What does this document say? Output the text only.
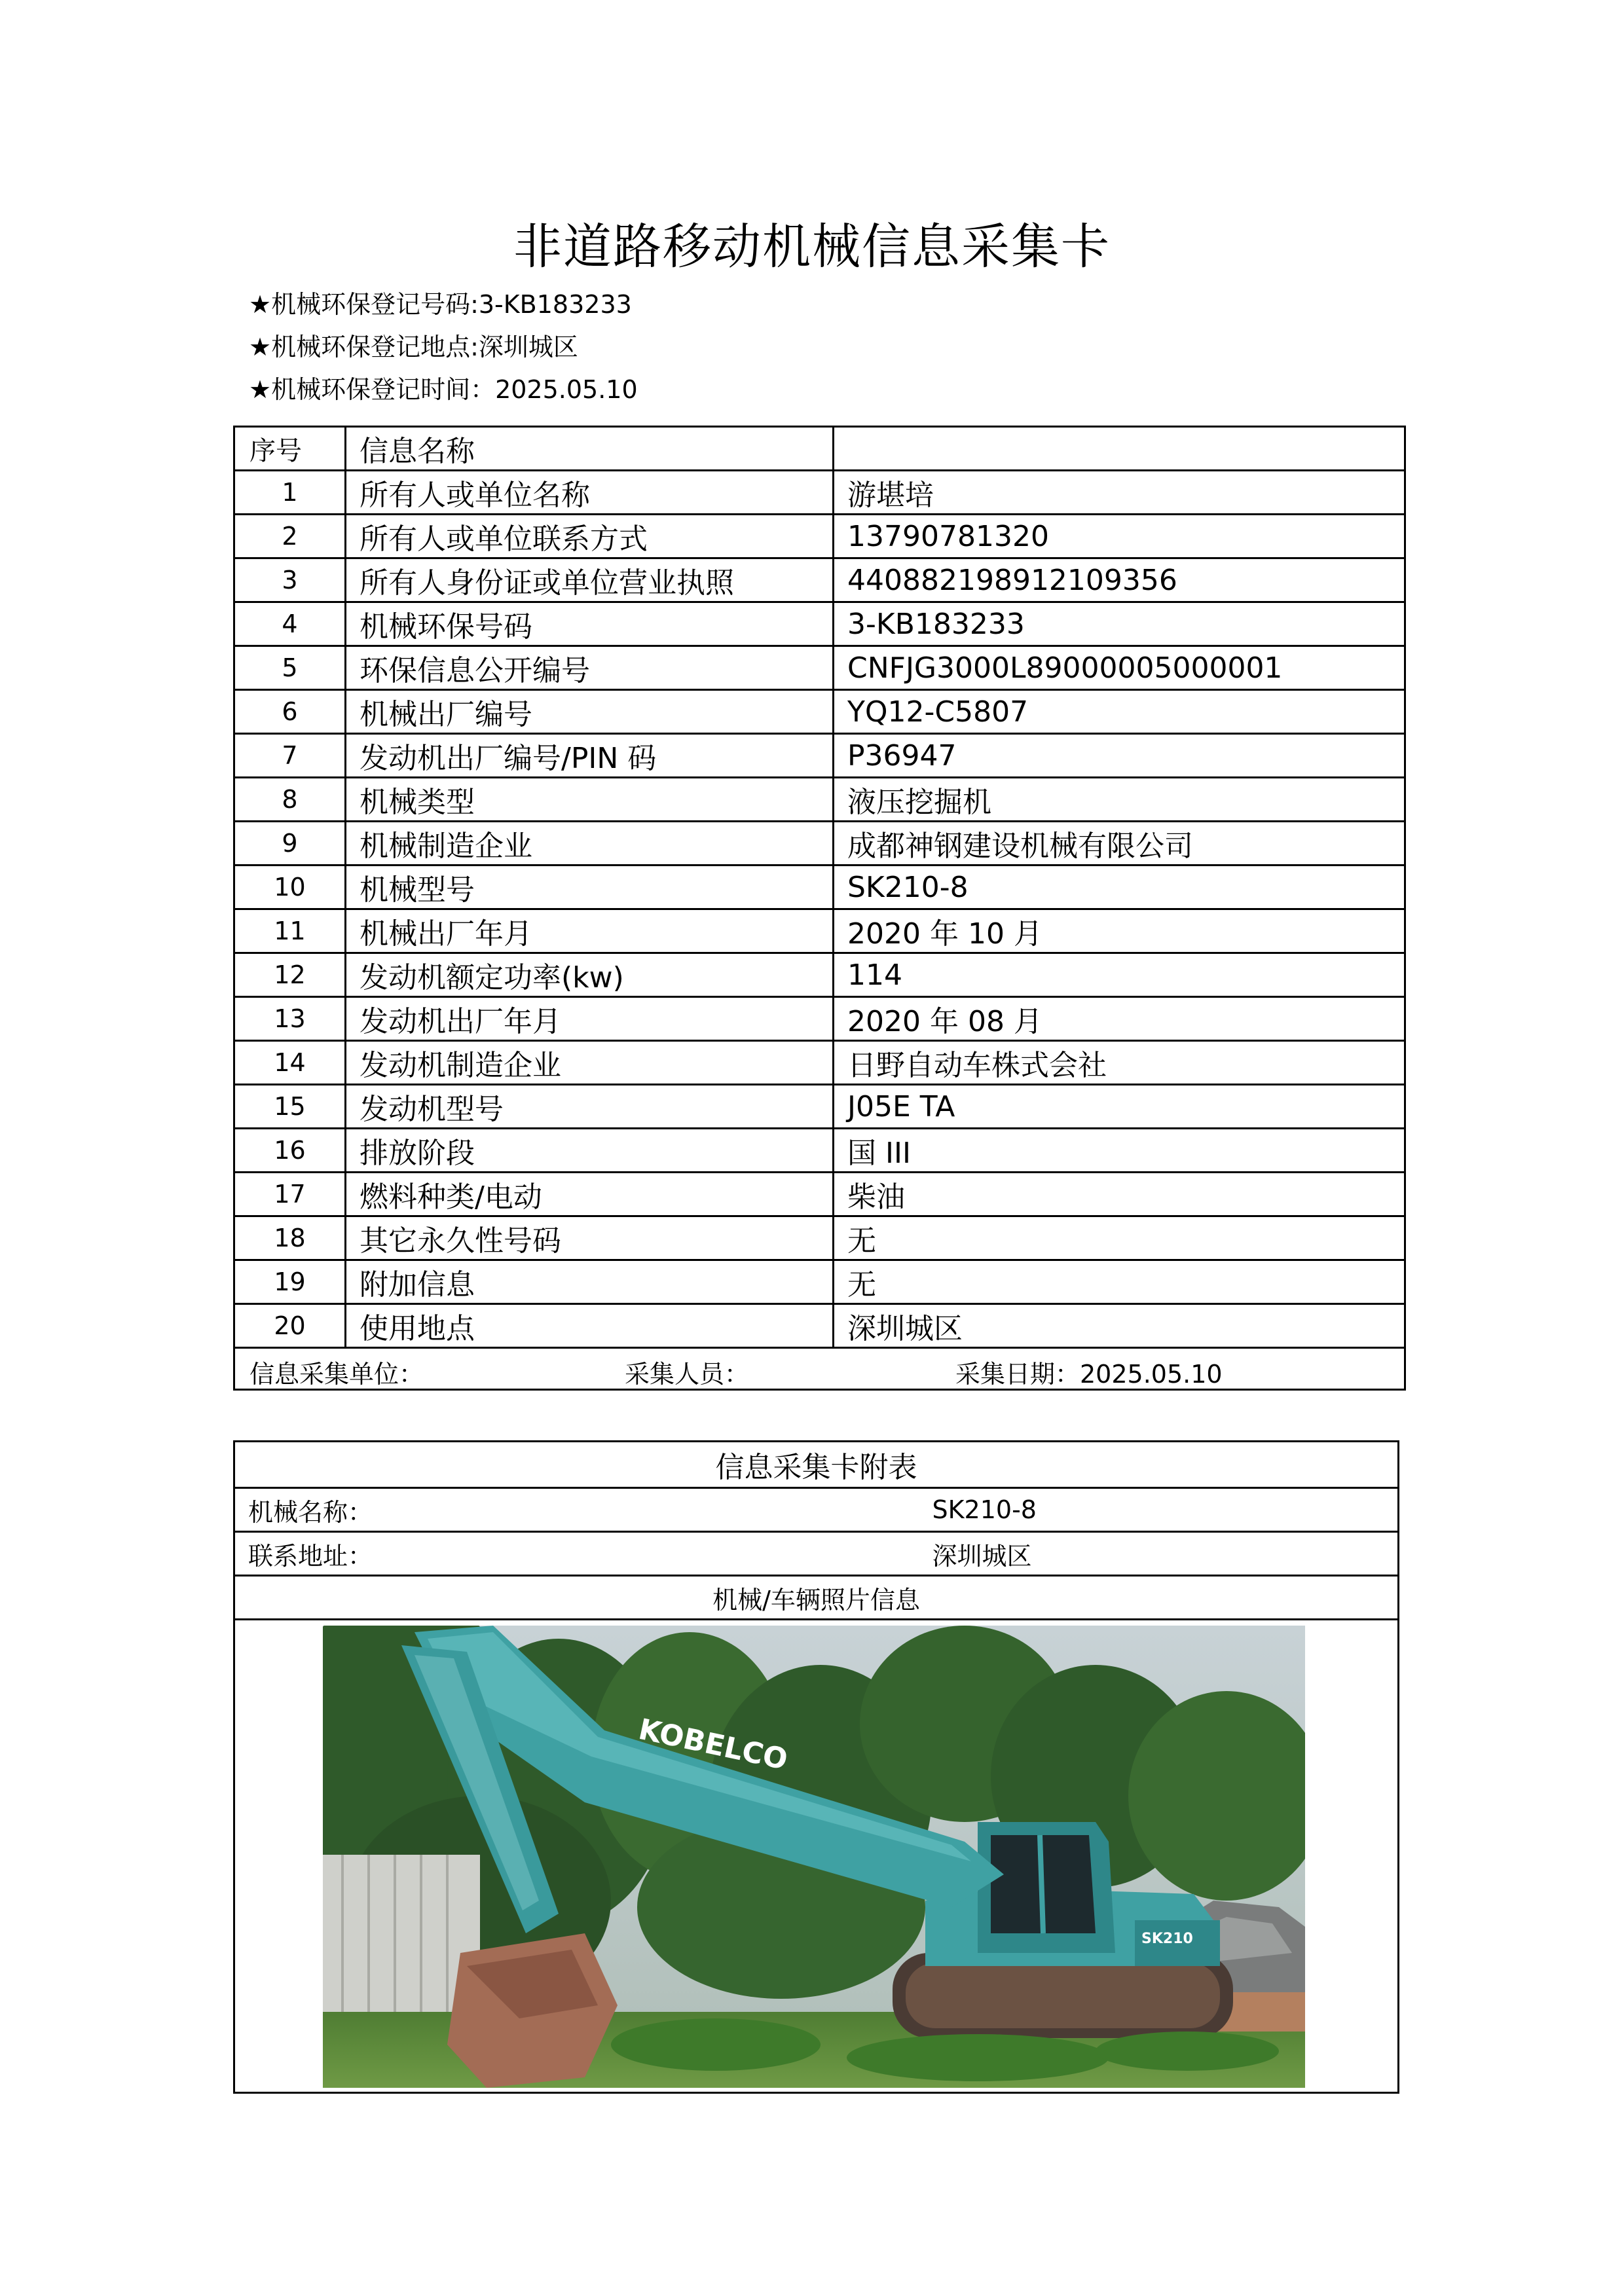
非道路移动机械信息采集卡
★机械环保登记号码:3-KB183233
★机械环保登记地点:深圳城区
★机械环保登记时间：2025.05.10
序号	信息名称	
1	所有人或单位名称	游堪培
2	所有人或单位联系方式	13790781320
3	所有人身份证或单位营业执照	440882198912109356
4	机械环保号码	3-KB183233
5	环保信息公开编号	CNFJG3000L89000005000001
6	机械出厂编号	YQ12-C5807
7	发动机出厂编号/PIN 码	P36947
8	机械类型	液压挖掘机
9	机械制造企业	成都神钢建设机械有限公司
10	机械型号	SK210-8
11	机械出厂年月	2020 年 10 月
12	发动机额定功率(kw)	114
13	发动机出厂年月	2020 年 08 月
14	发动机制造企业	日野自动车株式会社
15	发动机型号	J05E TA
16	排放阶段	国 III
17	燃料种类/电动	柴油
18	其它永久性号码	无
19	附加信息	无
20	使用地点	深圳城区

信息采集单位： 采集人员： 采集日期：2025.05.10		
信息采集卡附表	
机械名称：	SK210-8
联系地址：	深圳城区
机械/车辆照片信息	

KOBELCO
SK210	
